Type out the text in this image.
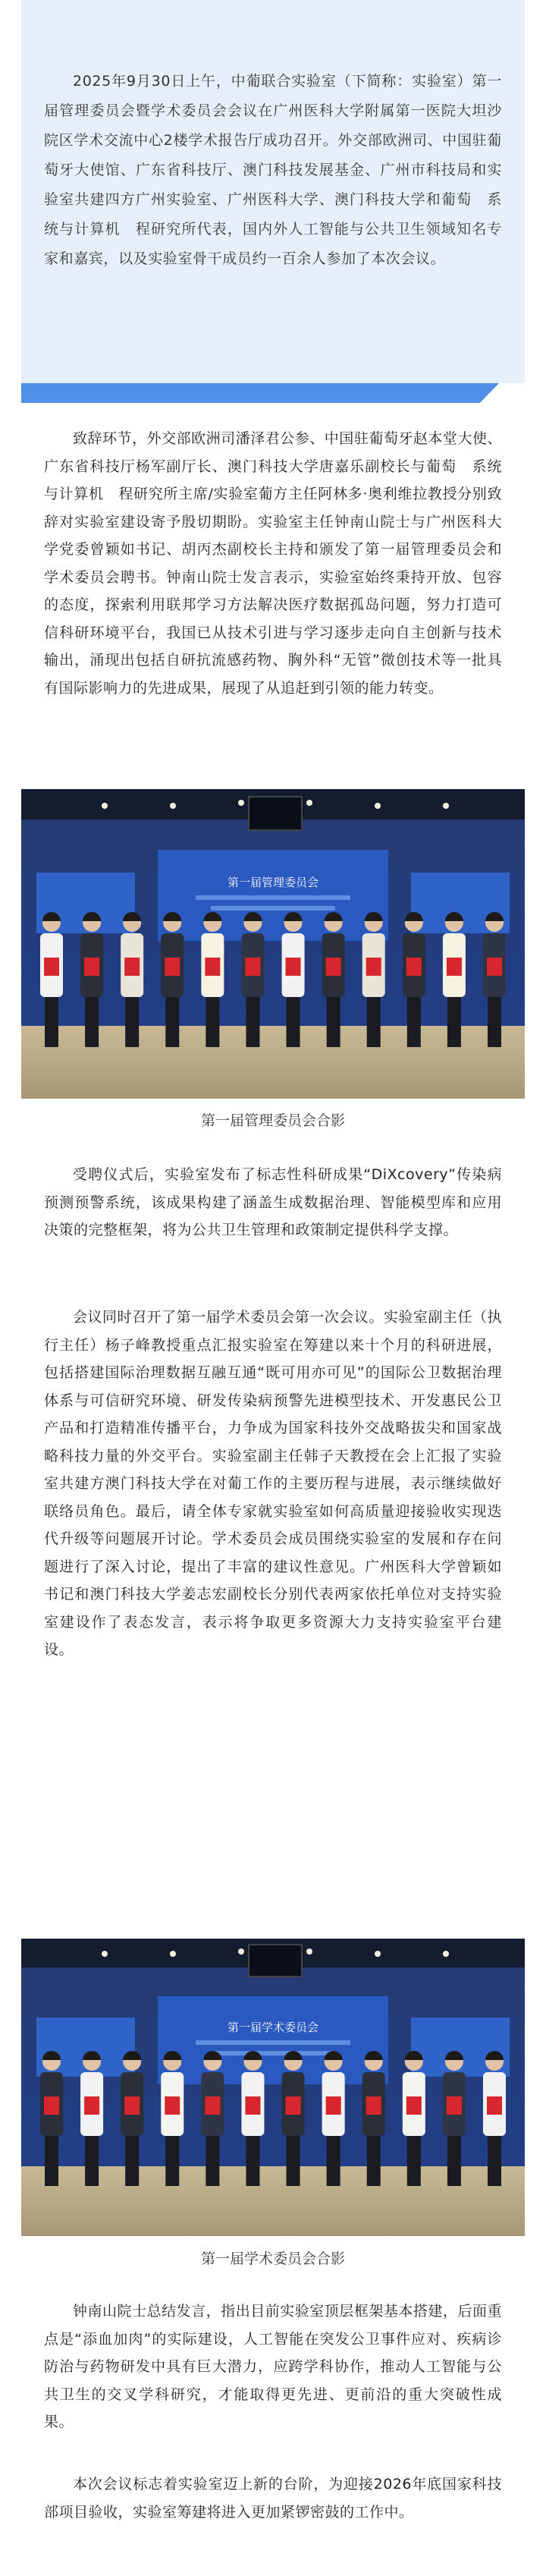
2025年9月30日上午，中葡联合实验室（下简称：实验室）第一届管理委员会暨学术委员会会议在广州医科大学附属第一医院大坦沙院区学术交流中心2楼学术报告厅成功召开。外交部欧洲司、中国驻葡萄牙大使馆、广东省科技厅、澳门科技发展基金、广州市科技局和实验室共建四方广州实验室、广州医科大学、澳门科技大学和葡萄　系统与计算机　程研究所代表，国内外人工智能与公共卫生领域知名专家和嘉宾，以及实验室骨干成员约一百余人参加了本次会议。

致辞环节，外交部欧洲司潘泽君公参、中国驻葡萄牙赵本堂大使、广东省科技厅杨军副厅长、澳门科技大学唐嘉乐副校长与葡萄　系统与计算机　程研究所主席/实验室葡方主任阿林多·奥利维拉教授分别致辞对实验室建设寄予殷切期盼。实验室主任钟南山院士与广州医科大学党委曾颖如书记、胡丙杰副校长主持和颁发了第一届管理委员会和学术委员会聘书。钟南山院士发言表示，实验室始终秉持开放、包容的态度，探索利用联邦学习方法解决医疗数据孤岛问题，努力打造可信科研环境平台，我国已从技术引进与学习逐步走向自主创新与技术输出，涌现出包括自研抗流感药物、胸外科“无管”微创技术等一批具有国际影响力的先进成果，展现了从追赶到引领的能力转变。

第一届管理委员会

第一届管理委员会合影

受聘仪式后，实验室发布了标志性科研成果“DiXcovery”传染病预测预警系统，该成果构建了涵盖生成数据治理、智能模型库和应用决策的完整框架，将为公共卫生管理和政策制定提供科学支撑。

会议同时召开了第一届学术委员会第一次会议。实验室副主任（执行主任）杨子峰教授重点汇报实验室在筹建以来十个月的科研进展，包括搭建国际治理数据互融互通“既可用亦可见”的国际公卫数据治理体系与可信研究环境、研发传染病预警先进模型技术、开发惠民公卫产品和打造精准传播平台，力争成为国家科技外交战略拔尖和国家战略科技力量的外交平台。实验室副主任韩子天教授在会上汇报了实验室共建方澳门科技大学在对葡工作的主要历程与进展，表示继续做好联络员角色。最后，请全体专家就实验室如何高质量迎接验收实现迭代升级等问题展开讨论。学术委员会成员围绕实验室的发展和存在问题进行了深入讨论，提出了丰富的建议性意见。广州医科大学曾颖如书记和澳门科技大学姜志宏副校长分别代表两家依托单位对支持实验室建设作了表态发言，表示将争取更多资源大力支持实验室平台建设。

第一届学术委员会

第一届学术委员会合影

钟南山院士总结发言，指出目前实验室顶层框架基本搭建，后面重点是“添血加肉”的实际建设，人工智能在突发公卫事件应对、疾病诊防治与药物研发中具有巨大潜力，应跨学科协作，推动人工智能与公共卫生的交叉学科研究，才能取得更先进、更前沿的重大突破性成果。

本次会议标志着实验室迈上新的台阶，为迎接2026年底国家科技部项目验收，实验室筹建将进入更加紧锣密鼓的工作中。
